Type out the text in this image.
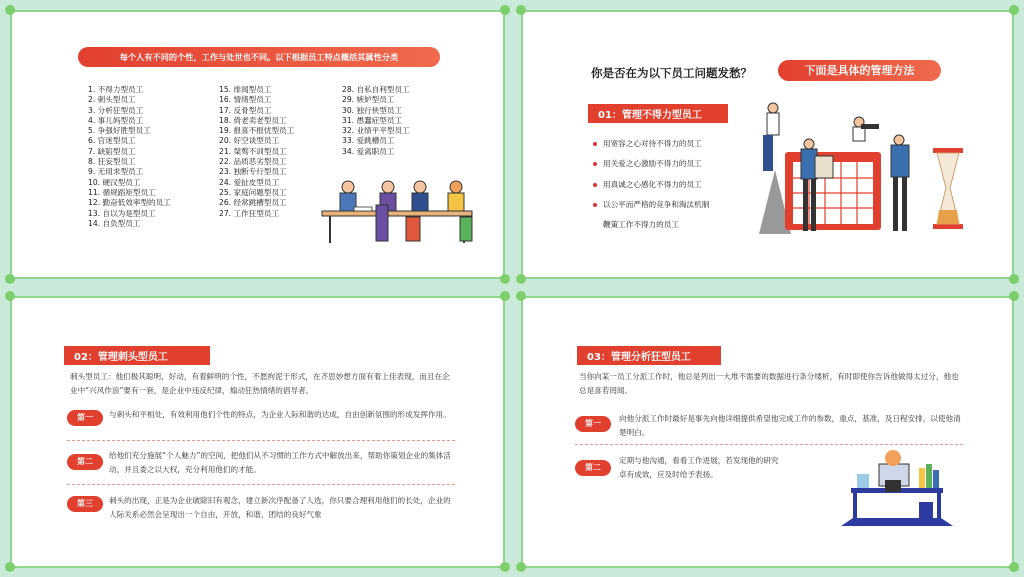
每个人有不同的个性，工作与处世也不同。以下根据员工特点概括其属性分类
1. 不得力型员工
2. 刺头型员工
3. 分析狂型员工
4. 事儿妈型员工
5. 争强好胜型员工
6. 官迷型员工
7. 缺陷型员工
8. 狂妄型员工
9. 无用求型员工
10. 硬汉型员工
11. 循规蹈矩型员工
12. 勤奋低效率型的员工
13. 自以为是型员工
14. 自负型员工
15. 绯闻型员工
16. 情绪型员工
17. 反骨型员工
18. 倚老卖老型员工
19. 报喜不报忧型员工
20. 好空谈型员工
21. 桀骜不训型员工
22. 品质恶劣型员工
23. 独断专行型员工
24. 爱扯皮型员工
25. 家庭问题型员工
26. 经常跳槽型员工
27. 工作狂型员工
28. 自私自利型员工
29. 嫉妒型员工
30. 独行侠型员工
31. 愚蠢症型员工
32. 业绩平平型员工
33. 爱跳槽员工
34. 爱离职员工
你是否在为以下员工问题发愁？	下面是具体的管理方法
01：管理不得力型员工
用宽容之心对待不得力的员工
用关爱之心激励不得力的员工
用真诚之心感化不得力的员工
以公平而严格的竞争和淘汰机制
鞭策工作不得力的员工
02：管理刺头型员工
刺头型员工：他们极其聪明，好动，有着鲜明的个性，不愿拘泥于形式，在齐思妙想方面有着上佳表现，而且在企业中“兴风作浪”要有一套，是企业中违反纪律，煽动狂热情绪的倡导者。
第一	与刺头和平相处，有效利用他们个性的特点，为企业人际和谐的达成，自由创新氛围的形成发挥作用。
第二
给他们充分施展“个人魅力”的空间，把他们从不习惯的工作方式中解放出来，帮助你策划企业的集体活动，并且委之以大权，充分利用他们的才能。
第三	刺头的出现，正是为企业破除旧有观念，建立新次序配备了人选，你只要合理利用他们的长处，企业的人际关系必然会呈现出一个自由，开放，和谐，团结的良好气象
03：管理分析狂型员工
当你向某一员工分派工作时，他总是列出一大堆不需要的数据进行条分缕析，有时即使你告诉他做得太过分，他也总是喜若罔闻。
第一
向他分派工作时最好是事先向他详细提供希望他完成工作的参数，重点，基准，及日程安排，以使他清楚明白。
第二
定期与他沟通，看看工作进展，若发现他的研究卓有成效，应及时给予表扬。
